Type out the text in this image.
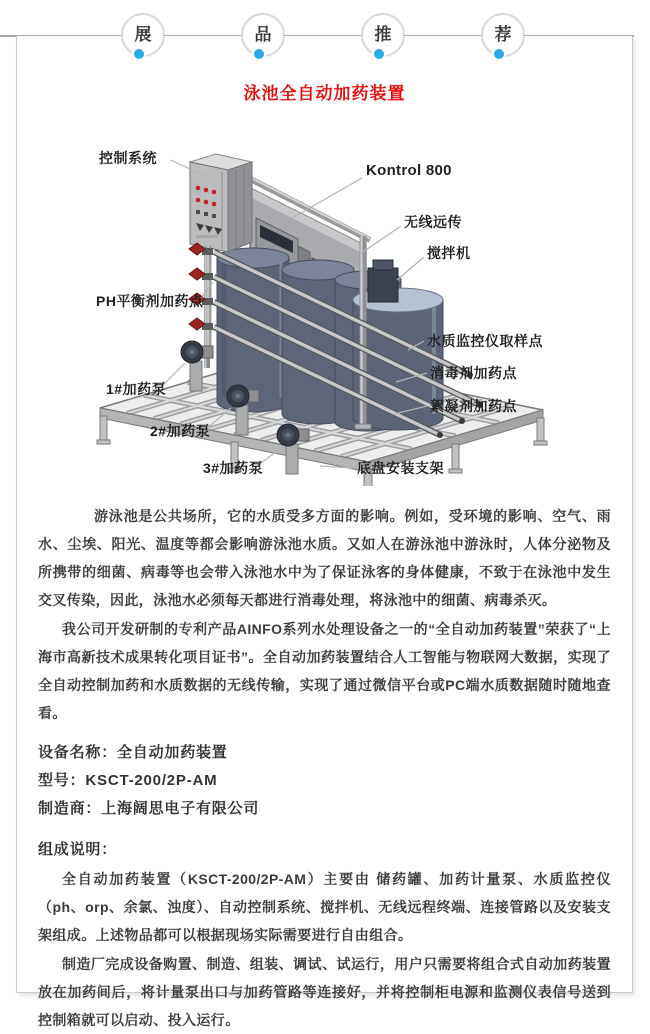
展	品	推	荐
泳池全自动加药装置
控制系统
Kontrol 800
无线远传
搅拌机
PH平衡剂加药点
水质监控仪取样点
消毒剂加药点
1#加药泵
絮凝剂加药点
2#加药泵
3#加药泵	底盘安装支架

游泳池是公共场所，它的水质受多方面的影响。例如，受环境的影响、空气、雨水、尘埃、阳光、温度等都会影响游泳池水质。又如人在游泳池中游泳时，人体分泌物及所携带的细菌、病毒等也会带入泳池水中为了保证泳客的身体健康，不致于在泳池中发生交叉传染，因此，泳池水必须每天都进行消毒处理，将泳池中的细菌、病毒杀灭。

我公司开发研制的专利产品AINFO系列水处理设备之一的“全自动加药装置”荣获了“上海市高新技术成果转化项目证书”。全自动加药装置结合人工智能与物联网大数据，实现了全自动控制加药和水质数据的无线传输，实现了通过微信平台或PC端水质数据随时随地查看。

设备名称：全自动加药装置
型号：KSCT-200/2P-AM
制造商：上海阔思电子有限公司
组成说明：

全自动加药装置（KSCT-200/2P-AM）主要由 储药罐、加药计量泵、水质监控仪（ph、orp、余氯、浊度）、自动控制系统、搅拌机、无线远程终端、连接管路以及安装支架组成。上述物品都可以根据现场实际需要进行自由组合。

制造厂完成设备购置、制造、组装、调试、试运行，用户只需要将组合式自动加药装置放在加药间后，将计量泵出口与加药管路等连接好，并将控制柜电源和监测仪表信号送到控制箱就可以启动、投入运行。
